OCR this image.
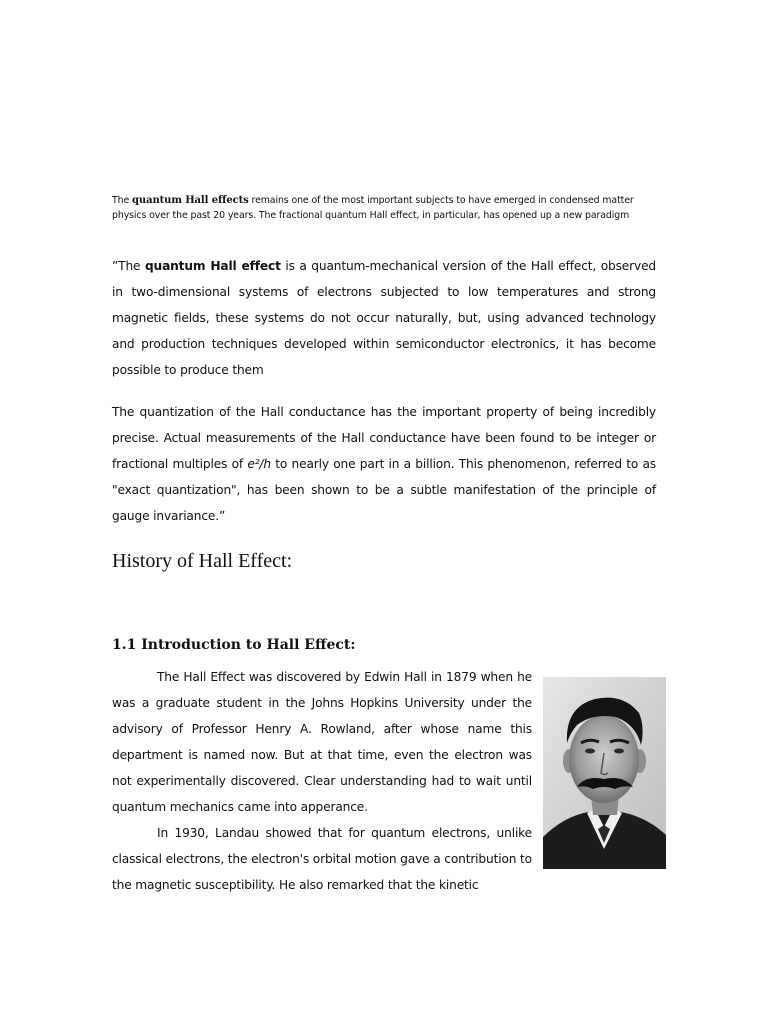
The quantum Hall effects remains one of the most important subjects to have emerged in condensed matter physics over the past 20 years. The fractional quantum Hall effect, in particular, has opened up a new paradigm
”The quantum Hall effect is a quantum-mechanical version of the Hall effect, observed in two-dimensional systems of electrons subjected to low temperatures and strong magnetic fields, these systems do not occur naturally, but, using advanced technology and production techniques developed within semiconductor electronics, it has become possible to produce them
The quantization of the Hall conductance has the important property of being incredibly precise. Actual measurements of the Hall conductance have been found to be integer or fractional multiples of e²/h to nearly one part in a billion. This phenomenon, referred to as "exact quantization", has been shown to be a subtle manifestation of the principle of gauge invariance.”
History of Hall Effect:
1.1 Introduction to Hall Effect:

The Hall Effect was discovered by Edwin Hall in 1879 when he was a graduate student in the Johns Hopkins University under the advisory of Professor Henry A. Rowland, after whose name this department is named now. But at that time, even the electron was not experimentally discovered. Clear understanding had to wait until quantum mechanics came into apperance.

In 1930, Landau showed that for quantum electrons, unlike classical electrons, the electron's orbital motion gave a contribution to the magnetic susceptibility. He also remarked that the kinetic
